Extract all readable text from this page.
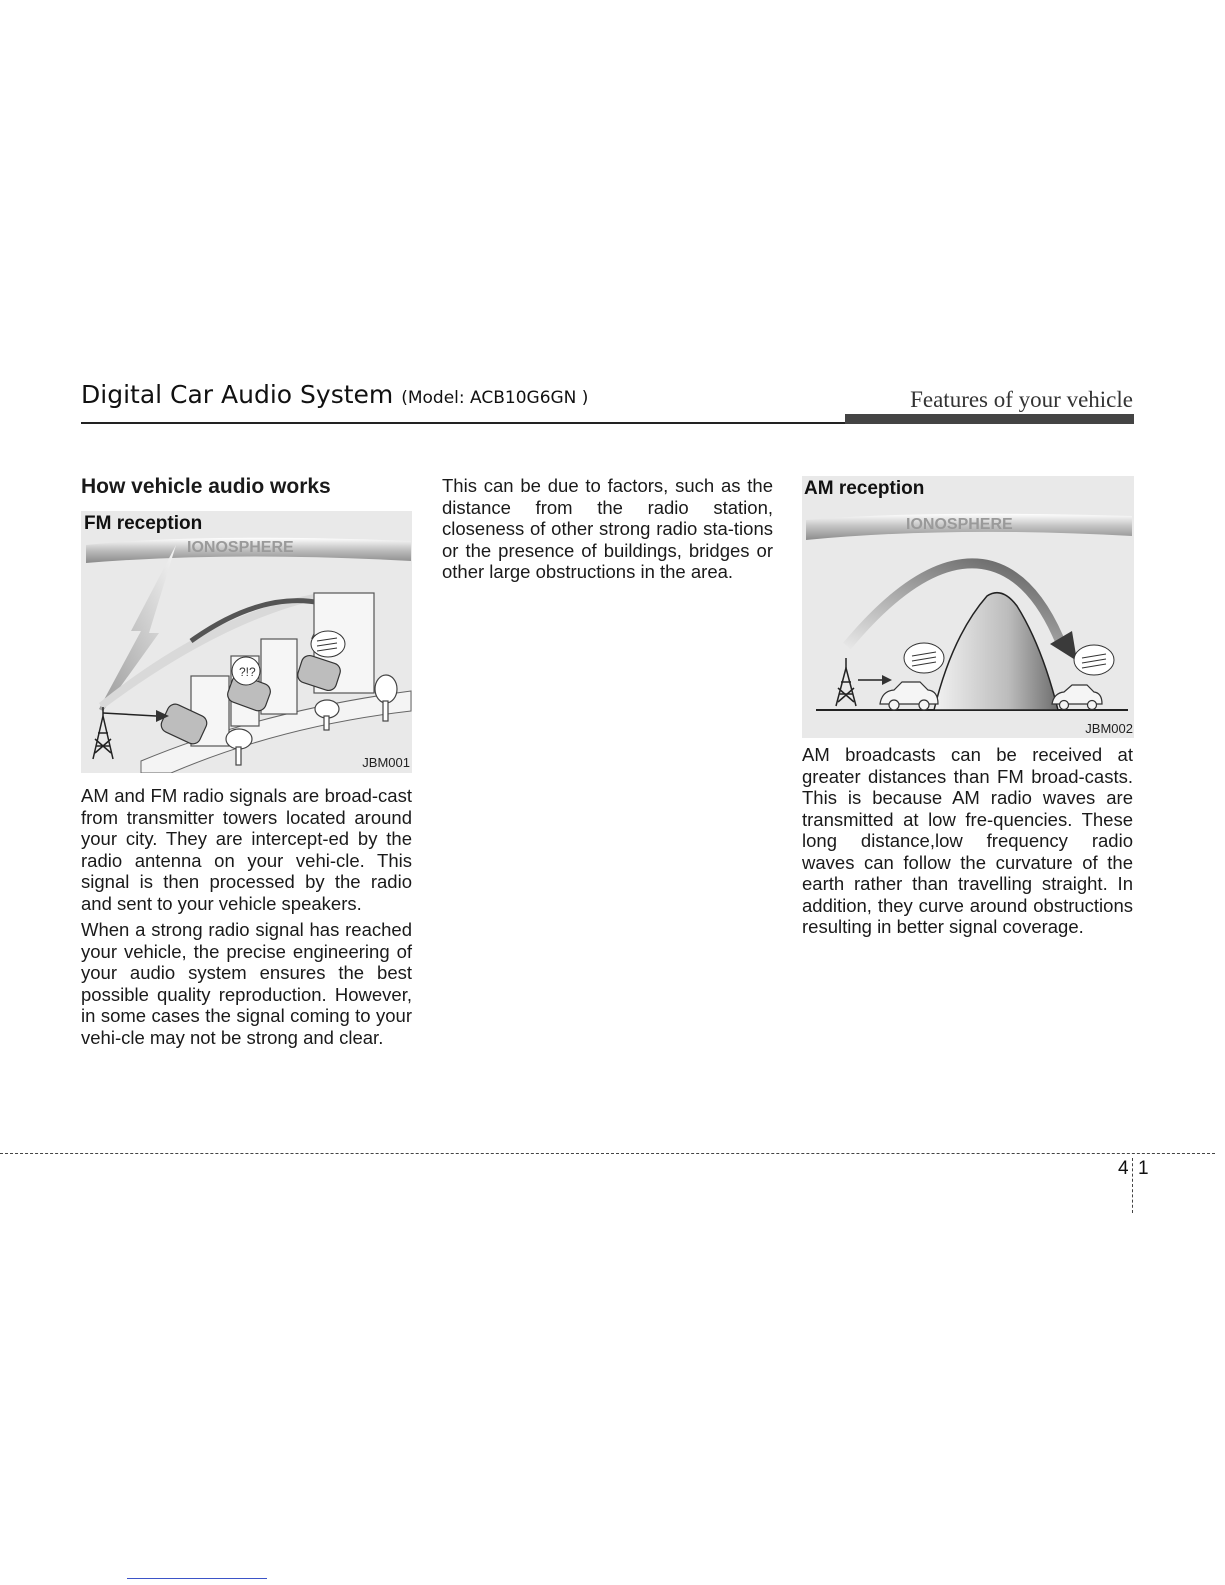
Digital Car Audio System (Model: ACB10G6GN )	Features of your vehicle
How vehicle audio works
FM reception
?!?
IONOSPHERE
JBM001

AM and FM radio signals are broad-cast from transmitter towers located around your city. They are intercept-ed by the radio antenna on your vehi-cle. This signal is then processed by the radio and sent to your vehicle speakers.

When a strong radio signal has reached your vehicle, the precise engineering of your audio system ensures the best possible quality reproduction. However, in some cases the signal coming to your vehi-cle may not be strong and clear.

This can be due to factors, such as the distance from the radio station, closeness of other strong radio sta-tions or the presence of buildings, bridges or other large obstructions in the area.

AM reception
IONOSPHERE
JBM002

AM broadcasts can be received at greater distances than FM broad-casts. This is because AM radio waves are transmitted at low fre-quencies. These long distance,low frequency radio waves can follow the curvature of the earth rather than travelling straight. In addition, they curve around obstructions resulting in better signal coverage.

4 1
